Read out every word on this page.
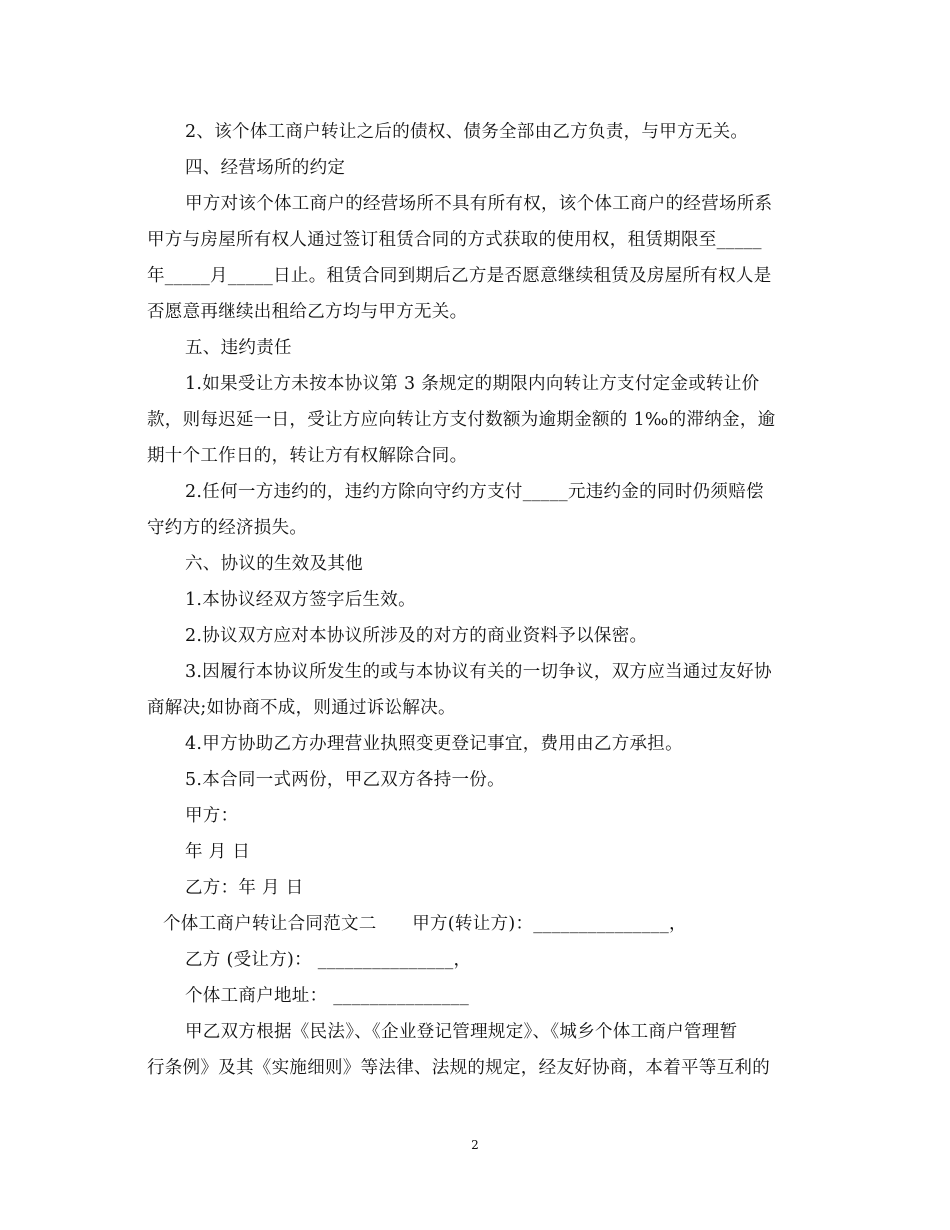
2、该个体工商户转让之后的债权、债务全部由乙方负责，与甲方无关。
四、经营场所的约定
甲方对该个体工商户的经营场所不具有所有权，该个体工商户的经营场所系
甲方与房屋所有权人通过签订租赁合同的方式获取的使用权，租赁期限至_____
年_____月_____日止。租赁合同到期后乙方是否愿意继续租赁及房屋所有权人是
否愿意再继续出租给乙方均与甲方无关。
五、违约责任
1.如果受让方未按本协议第 3 条规定的期限内向转让方支付定金或转让价
款，则每迟延一日，受让方应向转让方支付数额为逾期金额的 1‰的滞纳金，逾
期十个工作日的，转让方有权解除合同。
2.任何一方违约的，违约方除向守约方支付_____元违约金的同时仍须赔偿
守约方的经济损失。
六、协议的生效及其他
1.本协议经双方签字后生效。
2.协议双方应对本协议所涉及的对方的商业资料予以保密。
3.因履行本协议所发生的或与本协议有关的一切争议，双方应当通过友好协
商解决;如协商不成，则通过诉讼解决。
4.甲方协助乙方办理营业执照变更登记事宜，费用由乙方承担。
5.本合同一式两份，甲乙双方各持一份。
甲方：
年 月 日
乙方：年 月 日
个体工商户转让合同范文二　　甲方(转让方)：_______________，
乙方 (受让方)： _______________，
个体工商户地址： _______________
甲乙双方根据《民法》、《企业登记管理规定》、《城乡个体工商户管理暂
行条例》及其《实施细则》等法律、法规的规定，经友好协商，本着平等互利的
2
